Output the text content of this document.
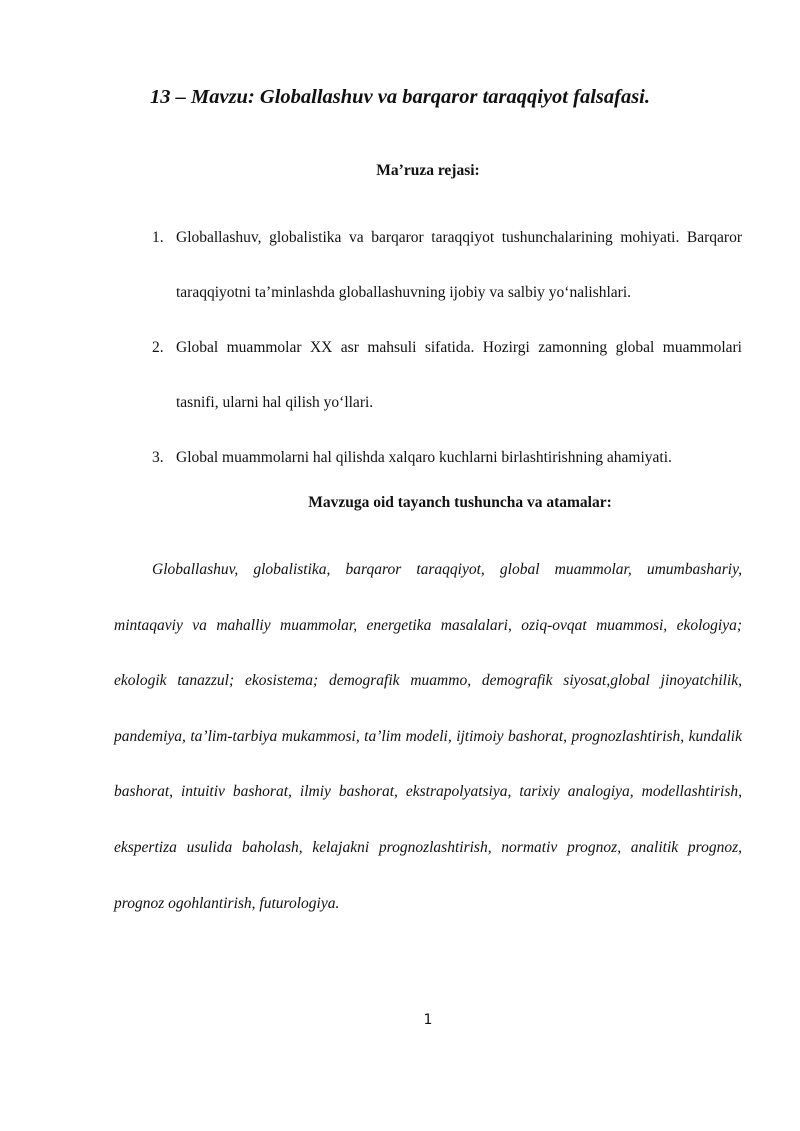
13 – Mavzu: Globallashuv va barqaror taraqqiyot falsafasi.
Ma’ruza rejasi:
1. Globallashuv, globalistika va barqaror taraqqiyot tushunchalarining mohiyati. Barqaror taraqqiyotni ta’minlashda globallashuvning ijobiy va salbiy yo‘nalishlari.
2. Global muammolar XX asr mahsuli sifatida. Hozirgi zamonning global muammolari tasnifi, ularni hal qilish yo‘llari.
3. Global muammolarni hal qilishda xalqaro kuchlarni birlashtirishning ahamiyati.
Mavzuga oid tayanch tushuncha va atamalar:

Globallashuv, globalistika, barqaror taraqqiyot, global muammolar, umumbashariy, mintaqaviy va mahalliy muammolar, energetika masalalari, oziq-ovqat muammosi, ekologiya; ekologik tanazzul; ekosistema; demografik muammo, demografik siyosat,global jinoyatchilik, pandemiya, ta’lim-tarbiya mukammosi, ta’lim modeli, ijtimoiy bashorat, prognozlashtirish, kundalik bashorat, intuitiv bashorat, ilmiy bashorat, ekstrapolyatsiya, tarixiy analogiya, modellashtirish, ekspertiza usulida baholash, kelajakni prognozlashtirish, normativ prognoz, analitik prognoz, prognoz ogohlantirish, futurologiya.

1
